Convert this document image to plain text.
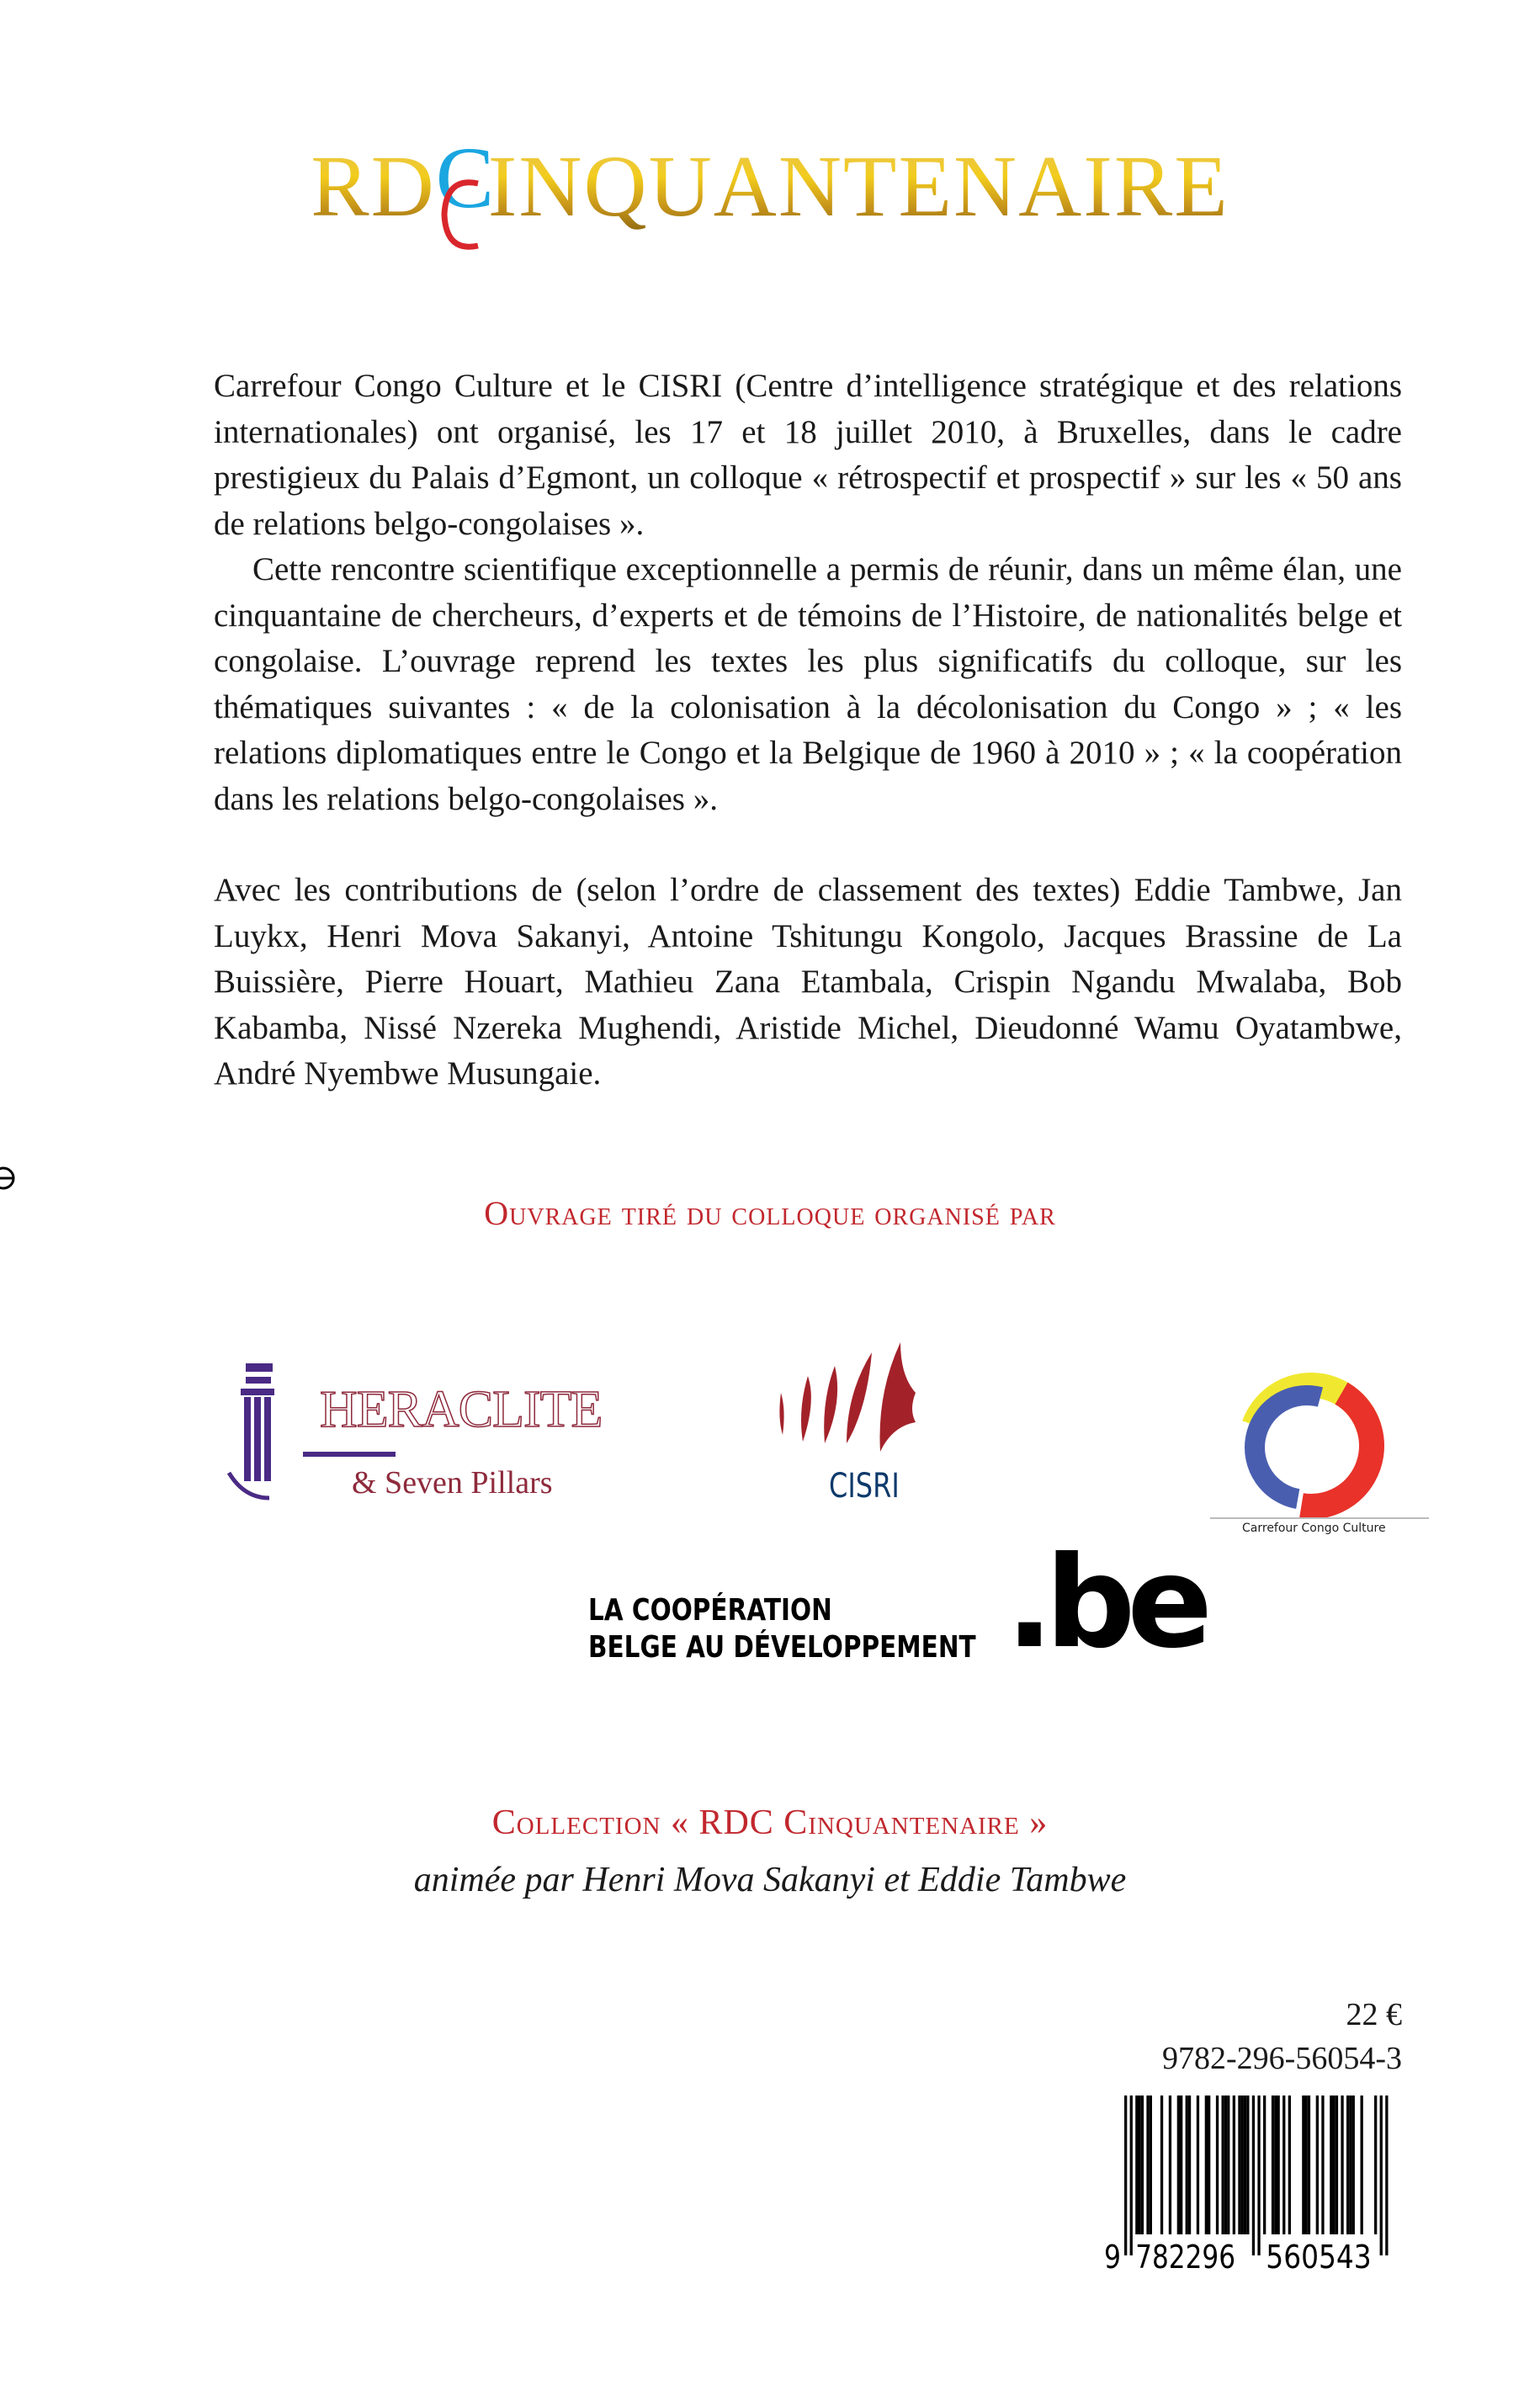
RD C
INQUANTENAIRE

Carrefour Congo Culture et le CISRI (Centre d’intelligence stratégique et des relations internationales) ont organisé, les 17 et 18 juillet 2010, à Bruxelles, dans le cadre prestigieux du Palais d’Egmont, un colloque « rétrospectif et prospectif » sur les « 50 ans de relations belgo-congolaises ».

Cette rencontre scientifique exceptionnelle a permis de réunir, dans un même élan, une cinquantaine de chercheurs, d’experts et de témoins de l’Histoire, de nationalités belge et congolaise. L’ouvrage reprend les textes les plus significatifs du colloque, sur les thématiques suivantes : « de la colonisation à la décolonisation du Congo » ; « les relations diplomatiques entre le Congo et la Belgique de 1960 à 2010 » ; « la coopération dans les relations belgo-congolaises ».

Avec les contributions de (selon l’ordre de classement des textes) Eddie Tambwe, Jan Luykx, Henri Mova Sakanyi, Antoine Tshitungu Kongolo, Jacques Brassine de La Buissière, Pierre Houart, Mathieu Zana Etambala, Crispin Ngandu Mwalaba, Bob Kabamba, Nissé Nzereka Mughendi, Aristide Michel, Dieudonné Wamu Oyatambwe, André Nyembwe Musungaie.

Ouvrage tiré du colloque organisé par
HERACLITE
& Seven Pillars	CISRI
Carrefour Congo Culture
LA COOPÉRATION
BELGE AU DÉVELOPPEMENT .be
Collection « RDC Cinquantenaire »
animée par Henri Mova Sakanyi et Eddie Tambwe
22 €
9782-296-56054-3
9 782296 560543
